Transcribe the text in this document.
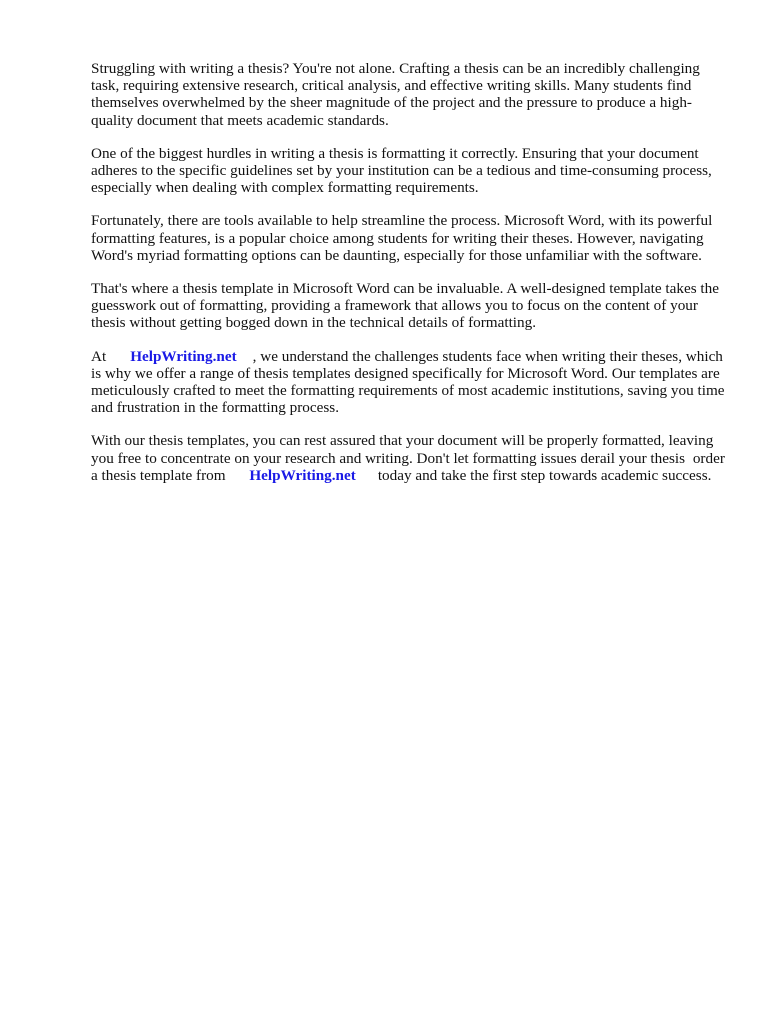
Struggling with writing a thesis? You're not alone. Crafting a thesis can be an incredibly challenging task, requiring extensive research, critical analysis, and effective writing skills. Many students find themselves overwhelmed by the sheer magnitude of the project and the pressure to produce a high-quality document that meets academic standards.

One of the biggest hurdles in writing a thesis is formatting it correctly. Ensuring that your document adheres to the specific guidelines set by your institution can be a tedious and time-consuming process, especially when dealing with complex formatting requirements.

Fortunately, there are tools available to help streamline the process. Microsoft Word, with its powerful formatting features, is a popular choice among students for writing their theses. However, navigating Word's myriad formatting options can be daunting, especially for those unfamiliar with the software.

That's where a thesis template in Microsoft Word can be invaluable. A well-designed template takes the guesswork out of formatting, providing a framework that allows you to focus on the content of your thesis without getting bogged down in the technical details of formatting.

At HelpWriting.net , we understand the challenges students face when writing their theses, which is why we offer a range of thesis templates designed specifically for Microsoft Word. Our templates are meticulously crafted to meet the formatting requirements of most academic institutions, saving you time and frustration in the formatting process.

With our thesis templates, you can rest assured that your document will be properly formatted, leaving you free to concentrate on your research and writing. Don't let formatting issues derail your thesis order a thesis template from HelpWriting.net today and take the first step towards academic success.
